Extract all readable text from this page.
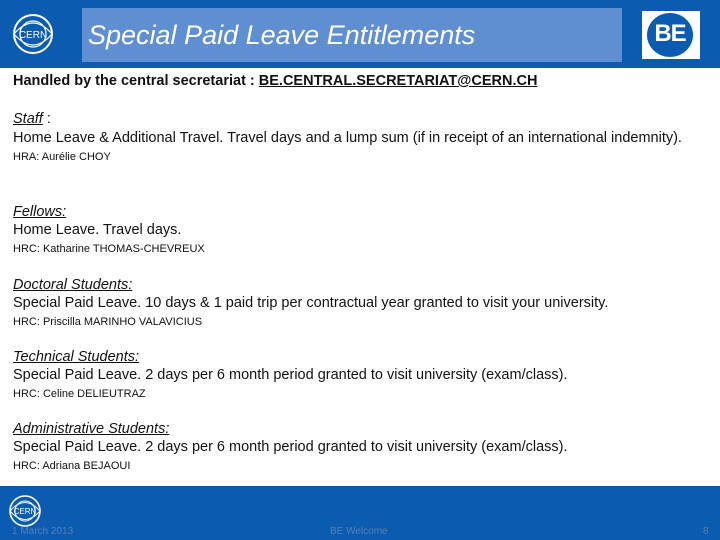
CERN Special Paid Leave Entitlements	BE
Handled by the central secretariat : BE.CENTRAL.SECRETARIAT@CERN.CH
Staff :
Home Leave & Additional Travel. Travel days and a lump sum (if in receipt of an international indemnity).
HRA: Aurélie CHOY
Fellows:
Home Leave. Travel days.
HRC: Katharine THOMAS-CHEVREUX
Doctoral Students:
Special Paid Leave. 10 days & 1 paid trip per contractual year granted to visit your university.
HRC: Priscilla MARINHO VALAVICIUS
Technical Students:
Special Paid Leave. 2 days per 6 month period granted to visit university (exam/class).
HRC: Celine DELIEUTRAZ
Administrative Students:
Special Paid Leave. 2 days per 6 month period granted to visit university (exam/class).
HRC: Adriana BEJAOUI
CERN
1 March 2013	BE Welcome	8
